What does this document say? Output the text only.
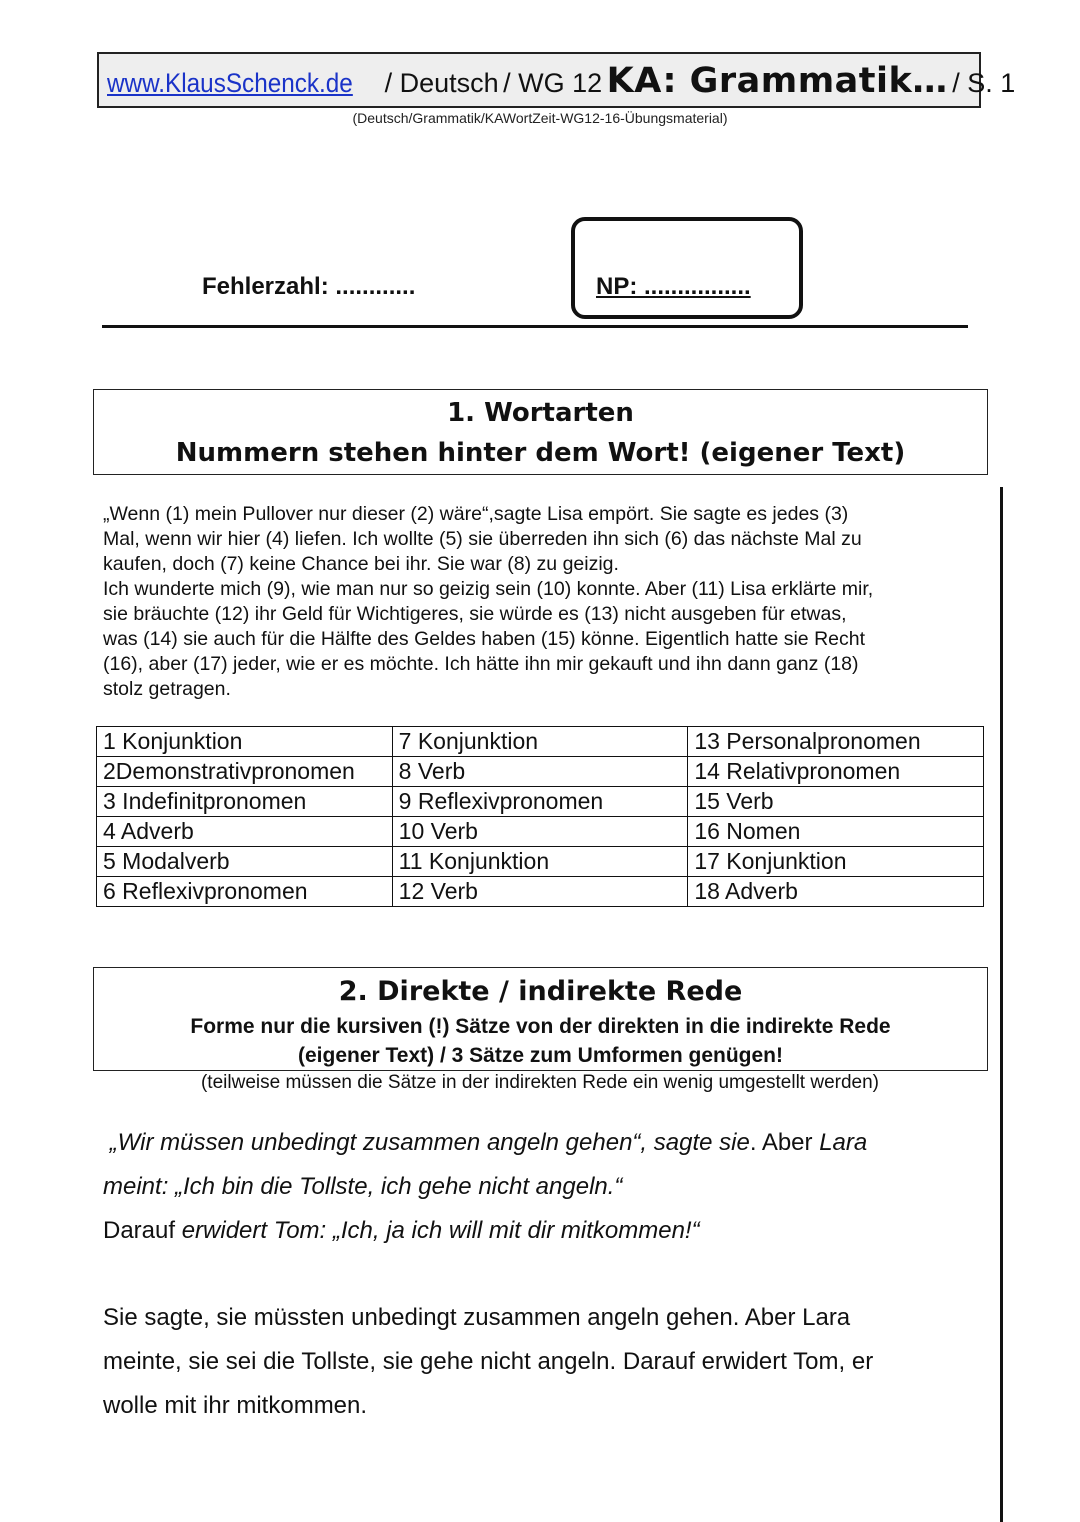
www.KlausSchenck.de / Deutsch / WG 12 KA: Grammatik… / S. 1
(Deutsch/Grammatik/KAWortZeit-WG12-16-Übungsmaterial)
Fehlerzahl: ............	NP: ................
1. Wortarten
Nummern stehen hinter dem Wort! (eigener Text)
„Wenn (1) mein Pullover nur dieser (2) wäre“,sagte Lisa empört. Sie sagte es jedes (3)
Mal, wenn wir hier (4) liefen. Ich wollte (5) sie überreden ihn sich (6) das nächste Mal zu
kaufen, doch (7) keine Chance bei ihr. Sie war (8) zu geizig.
Ich wunderte mich (9), wie man nur so geizig sein (10) konnte. Aber (11) Lisa erklärte mir,
sie bräuchte (12) ihr Geld für Wichtigeres, sie würde es (13) nicht ausgeben für etwas,
was (14) sie auch für die Hälfte des Geldes haben (15) könne. Eigentlich hatte sie Recht
(16), aber (17) jeder, wie er es möchte. Ich hätte ihn mir gekauft und ihn dann ganz (18)
stolz getragen.
1 Konjunktion	7 Konjunktion	13 Personalpronomen
2Demonstrativpronomen	8 Verb	14 Relativpronomen
3 Indefinitpronomen	9 Reflexivpronomen	15 Verb
4 Adverb	10 Verb	16 Nomen
5 Modalverb	11 Konjunktion	17 Konjunktion
6 Reflexivpronomen	12 Verb	18 Adverb
2. Direkte / indirekte Rede
Forme nur die kursiven (!) Sätze von der direkten in die indirekte Rede
(eigener Text) / 3 Sätze zum Umformen genügen!
(teilweise müssen die Sätze in der indirekten Rede ein wenig umgestellt werden)
„Wir müssen unbedingt zusammen angeln gehen“, sagte sie. Aber Lara
meint: „Ich bin die Tollste, ich gehe nicht angeln.“
Darauf erwidert Tom: „Ich, ja ich will mit dir mitkommen!“
Sie sagte, sie müssten unbedingt zusammen angeln gehen. Aber Lara
meinte, sie sei die Tollste, sie gehe nicht angeln. Darauf erwidert Tom, er
wolle mit ihr mitkommen.
